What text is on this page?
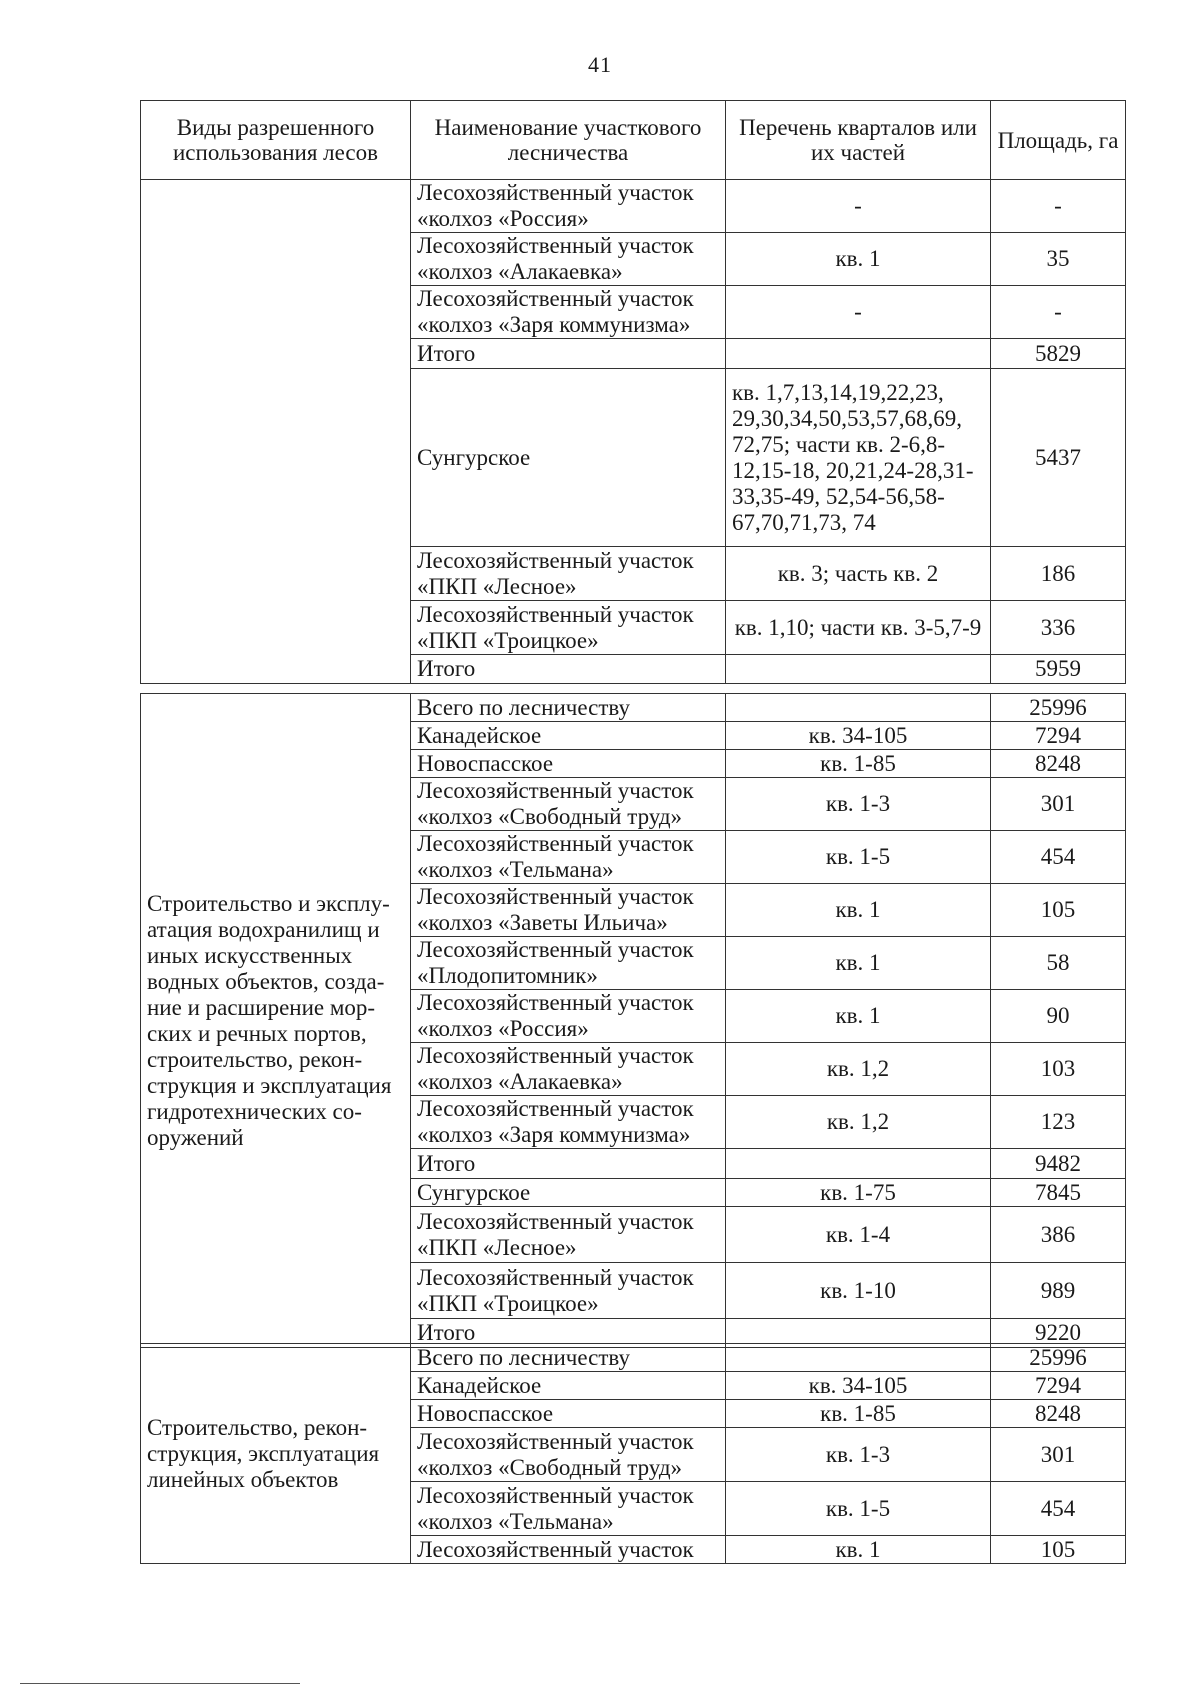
41
Виды разрешенного использования лесов	Наименование участкового лесничества	Перечень кварталов или их частей	Площадь, га
	Лесохозяйственный участок «колхоз «Россия»	-	-
	Лесохозяйственный участок «колхоз «Алакаевка»	кв. 1	35
	Лесохозяйственный участок «колхоз «Заря коммунизма»	-	-
	Итого		5829
	Сунгурское	кв. 1,7,13,14,19,22,23, 29,30,34,50,53,57,68,69, 72,75; части кв. 2-6,8-12,15-18, 20,21,24-28,31-33,35-49, 52,54-56,58-67,70,71,73, 74	5437
	Лесохозяйственный участок «ПКП «Лесное»	кв. 3; часть кв. 2	186
	Лесохозяйственный участок «ПКП «Троицкое»	кв. 1,10; части кв. 3-5,7-9	336
	Итого		5959
Строительство и эксплу-атация водохранилищ и иных искусственных водных объектов, созда-ние и расширение мор-ских и речных портов, строительство, рекон-струкция и эксплуатация гидротехнических со-оружений	Всего по лесничеству		25996
	Канадейское	кв. 34-105	7294
	Новоспасское	кв. 1-85	8248
	Лесохозяйственный участок «колхоз «Свободный труд»	кв. 1-3	301
	Лесохозяйственный участок «колхоз «Тельмана»	кв. 1-5	454
	Лесохозяйственный участок «колхоз «Заветы Ильича»	кв. 1	105
	Лесохозяйственный участок «Плодопитомник»	кв. 1	58
	Лесохозяйственный участок «колхоз «Россия»	кв. 1	90
	Лесохозяйственный участок «колхоз «Алакаевка»	кв. 1,2	103
	Лесохозяйственный участок «колхоз «Заря коммунизма»	кв. 1,2	123
	Итого		9482
	Сунгурское	кв. 1-75	7845
	Лесохозяйственный участок «ПКП «Лесное»	кв. 1-4	386
	Лесохозяйственный участок «ПКП «Троицкое»	кв. 1-10	989
	Итого		9220
Строительство, рекон-струкция, эксплуатация линейных объектов	Всего по лесничеству		25996
	Канадейское	кв. 34-105	7294
	Новоспасское	кв. 1-85	8248
	Лесохозяйственный участок «колхоз «Свободный труд»	кв. 1-3	301
	Лесохозяйственный участок «колхоз «Тельмана»	кв. 1-5	454
	Лесохозяйственный участок	кв. 1	105
